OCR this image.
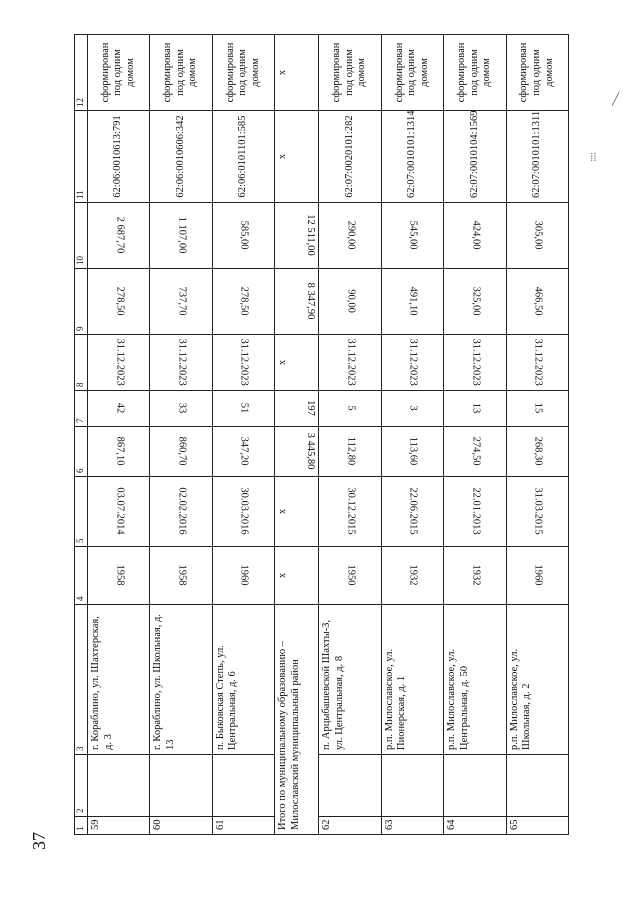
37
╱
⁞⁞
1	2	3	4	5	6	7	8	9	10	11	12
59		г. Кораблино, ул. Шахтерская, д. 3	1958	03.07.2014	867,10	42	31.12.2023	278,50	2 687,70	62:06:0010613:791	сформирован под одним домом
60		г. Кораблино, ул. Школьная, д. 13	1958	02.02.2016	860,70	33	31.12.2023	737,70	1 107,00	62:06:0010606:342	сформирован под одним домом
61		п. Быковская Степь, ул. Центральная, д. 6	1960	30.03.2016	347,20	51	31.12.2023	278,50	585,00	62:06:0101101:585	сформирован под одним домом
Итого по муниципальному образованию – Милославский муниципальный район			х	х	3 445,80	197	х	8 347,90	12 511,00	х	х
62		п. Арцыбашевской Шахты-3, ул. Центральная, д. 8	1950	30.12.2015	112,80	5	31.12.2023	90,00	290,00	62:07:0020101:282	сформирован под одним домом
63		р.п. Милославское, ул. Пионерская, д. 1	1932	22.06.2015	113,60	3	31.12.2023	491,10	545,00	62:07:0010101:1314	сформирован под одним домом
64		р.п. Милославское, ул. Центральная, д. 50	1932	22.01.2013	274,50	13	31.12.2023	325,00	424,00	62:07:0010104:1569	сформирован под одним домом
65		р.п. Милославское, ул. Школьная, д. 2	1960	31.03.2015	268,30	15	31.12.2023	466,50	305,00	62:07:0010101:1311	сформирован под одним домом
